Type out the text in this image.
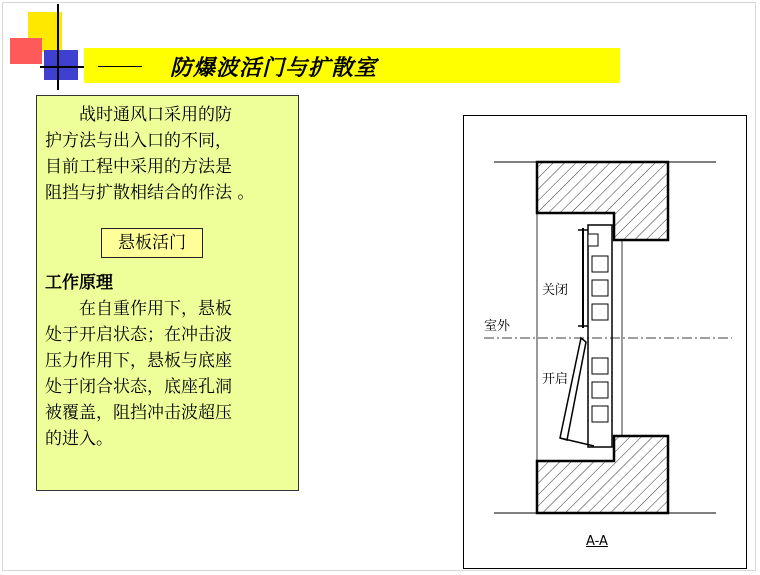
防爆波活门与扩散室
　　战时通风口采用的防
护方法与出入口的不同，
目前工程中采用的方法是
阻挡与扩散相结合的作法 。
悬板活门
工作原理
　　在自重作用下，悬板
处于开启状态；在冲击波
压力作用下，悬板与底座
处于闭合状态，底座孔洞
被覆盖，阻挡冲击波超压
的进入。
关闭
室外
开启
A-A
